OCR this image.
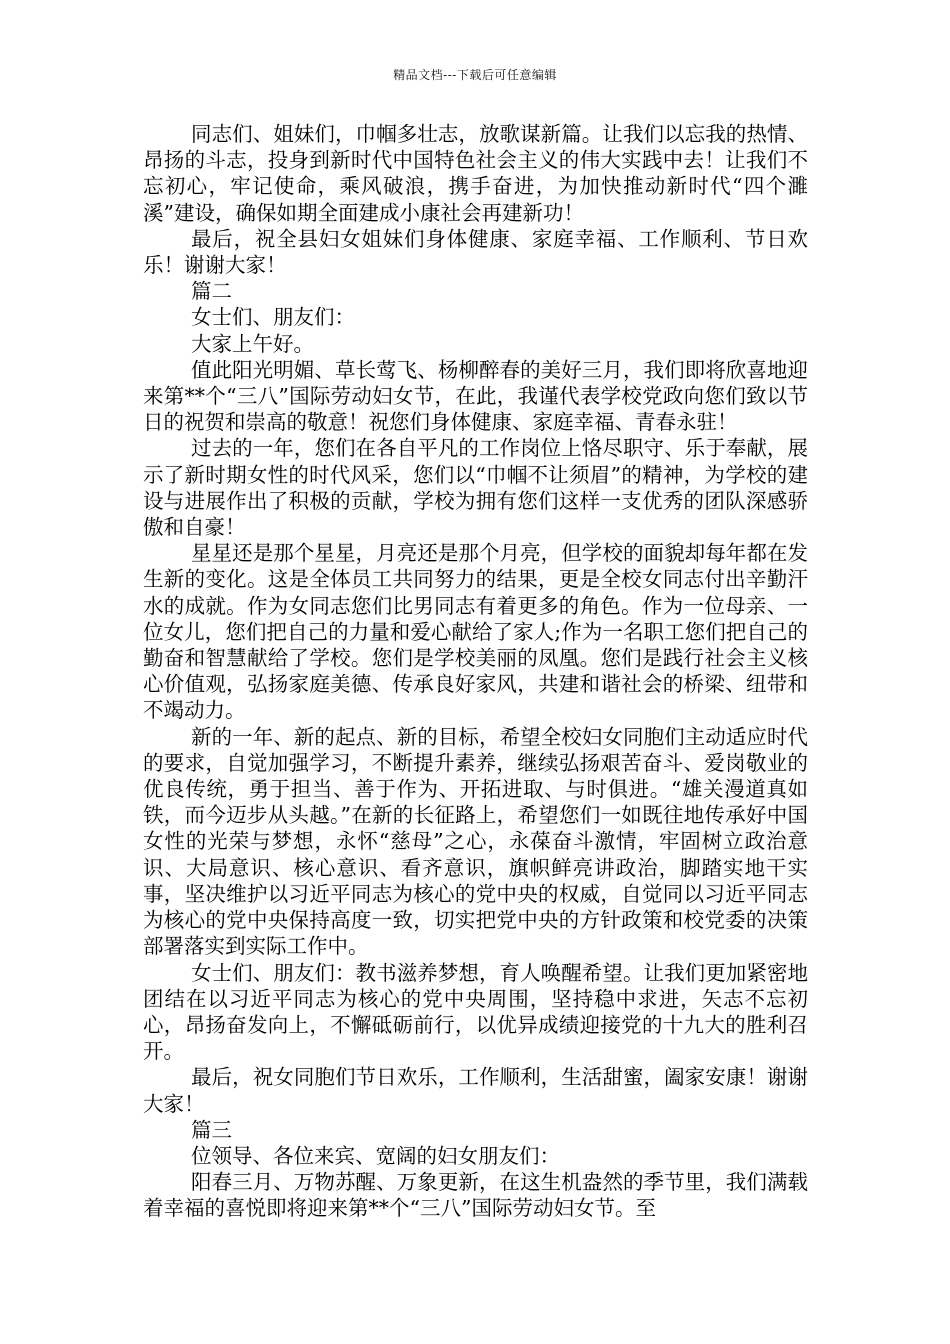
精品文档---下载后可任意编辑

同志们、姐妹们，巾帼多壮志，放歌谋新篇。让我们以忘我的热情、昂扬的斗志，投身到新时代中国特色社会主义的伟大实践中去！让我们不忘初心，牢记使命，乘风破浪，携手奋进，为加快推动新时代“四个濉溪”建设，确保如期全面建成小康社会再建新功！

最后，祝全县妇女姐妹们身体健康、家庭幸福、工作顺利、节日欢乐！谢谢大家！

篇二

女士们、朋友们：

大家上午好。

值此阳光明媚、草长莺飞、杨柳醉春的美好三月，我们即将欣喜地迎来第**个“三八”国际劳动妇女节，在此，我谨代表学校党政向您们致以节日的祝贺和崇高的敬意！祝您们身体健康、家庭幸福、青春永驻！

过去的一年，您们在各自平凡的工作岗位上恪尽职守、乐于奉献，展示了新时期女性的时代风采，您们以“巾帼不让须眉”的精神，为学校的建设与进展作出了积极的贡献，学校为拥有您们这样一支优秀的团队深感骄傲和自豪！

星星还是那个星星，月亮还是那个月亮，但学校的面貌却每年都在发生新的变化。这是全体员工共同努力的结果，更是全校女同志付出辛勤汗水的成就。作为女同志您们比男同志有着更多的角色。作为一位母亲、一位女儿，您们把自己的力量和爱心献给了家人;作为一名职工您们把自己的勤奋和智慧献给了学校。您们是学校美丽的凤凰。您们是践行社会主义核心价值观，弘扬家庭美德、传承良好家风，共建和谐社会的桥梁、纽带和不竭动力。

新的一年、新的起点、新的目标，希望全校妇女同胞们主动适应时代的要求，自觉加强学习，不断提升素养，继续弘扬艰苦奋斗、爱岗敬业的优良传统，勇于担当、善于作为、开拓进取、与时俱进。“雄关漫道真如铁，而今迈步从头越。”在新的长征路上，希望您们一如既往地传承好中国女性的光荣与梦想，永怀“慈母”之心，永葆奋斗激情，牢固树立政治意识、大局意识、核心意识、看齐意识，旗帜鲜亮讲政治，脚踏实地干实事，坚决维护以习近平同志为核心的党中央的权威，自觉同以习近平同志为核心的党中央保持高度一致，切实把党中央的方针政策和校党委的决策部署落实到实际工作中。

女士们、朋友们：教书滋养梦想，育人唤醒希望。让我们更加紧密地团结在以习近平同志为核心的党中央周围，坚持稳中求进，矢志不忘初心，昂扬奋发向上，不懈砥砺前行，以优异成绩迎接党的十九大的胜利召开。

最后，祝女同胞们节日欢乐，工作顺利，生活甜蜜，阖家安康！谢谢大家！

篇三

位领导、各位来宾、宽阔的妇女朋友们：

阳春三月、万物苏醒、万象更新，在这生机盎然的季节里，我们满载着幸福的喜悦即将迎来第**个“三八”国际劳动妇女节。至
